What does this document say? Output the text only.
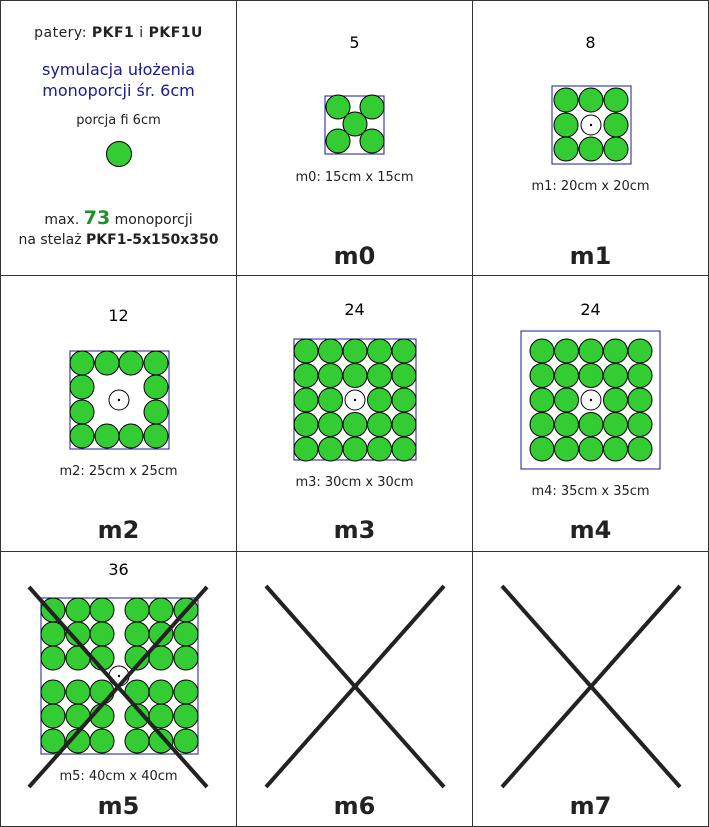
patery: PKF1 i PKF1U
symulacja ułożenia
monoporcji śr. 6cm
porcja fi 6cm
max. 73 monoporcji
na stelaż PKF1-5x150x350
5
m0: 15cm x 15cm
m0
8
m1: 20cm x 20cm
m1
12
m2: 25cm x 25cm
m2
24
m3: 30cm x 30cm
m3
24
m4: 35cm x 35cm
m4
36
m5: 40cm x 40cm
m5	m6	m7
